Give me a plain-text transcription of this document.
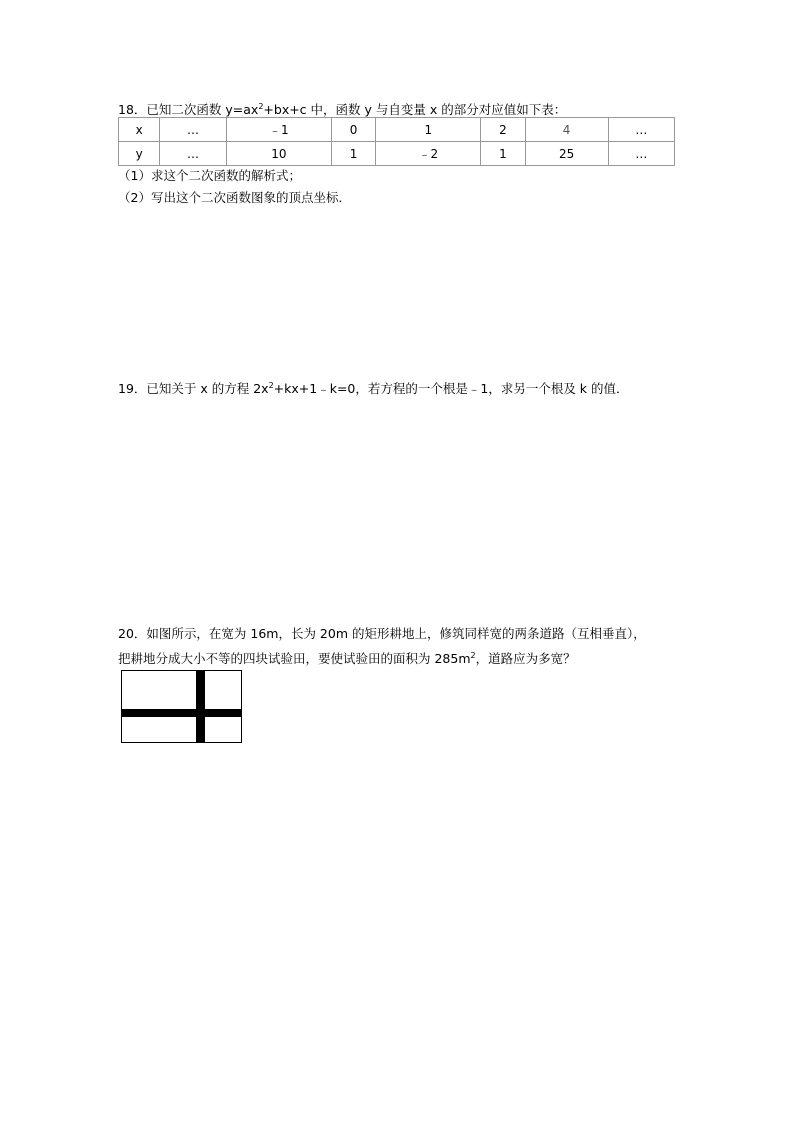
18．已知二次函数 $y=ax^2+bx+c$ 中，函数 y 与自变量 x 的部分对应值如下表：
x	…	﹣1	0	1	2	4	…
y	…	10	1	﹣2	1	25	…
（1）求这个二次函数的解析式；
（2）写出这个二次函数图象的顶点坐标．
19．已知关于 x 的方程 $2x^2+kx+1﹣k=0$，若方程的一个根是﹣1，求另一个根及 k 的值．
20．如图所示，在宽为 16m，长为 20m 的矩形耕地上，修筑同样宽的两条道路（互相垂直），
把耕地分成大小不等的四块试验田，要使试验田的面积为 $285m^2$，道路应为多宽？
